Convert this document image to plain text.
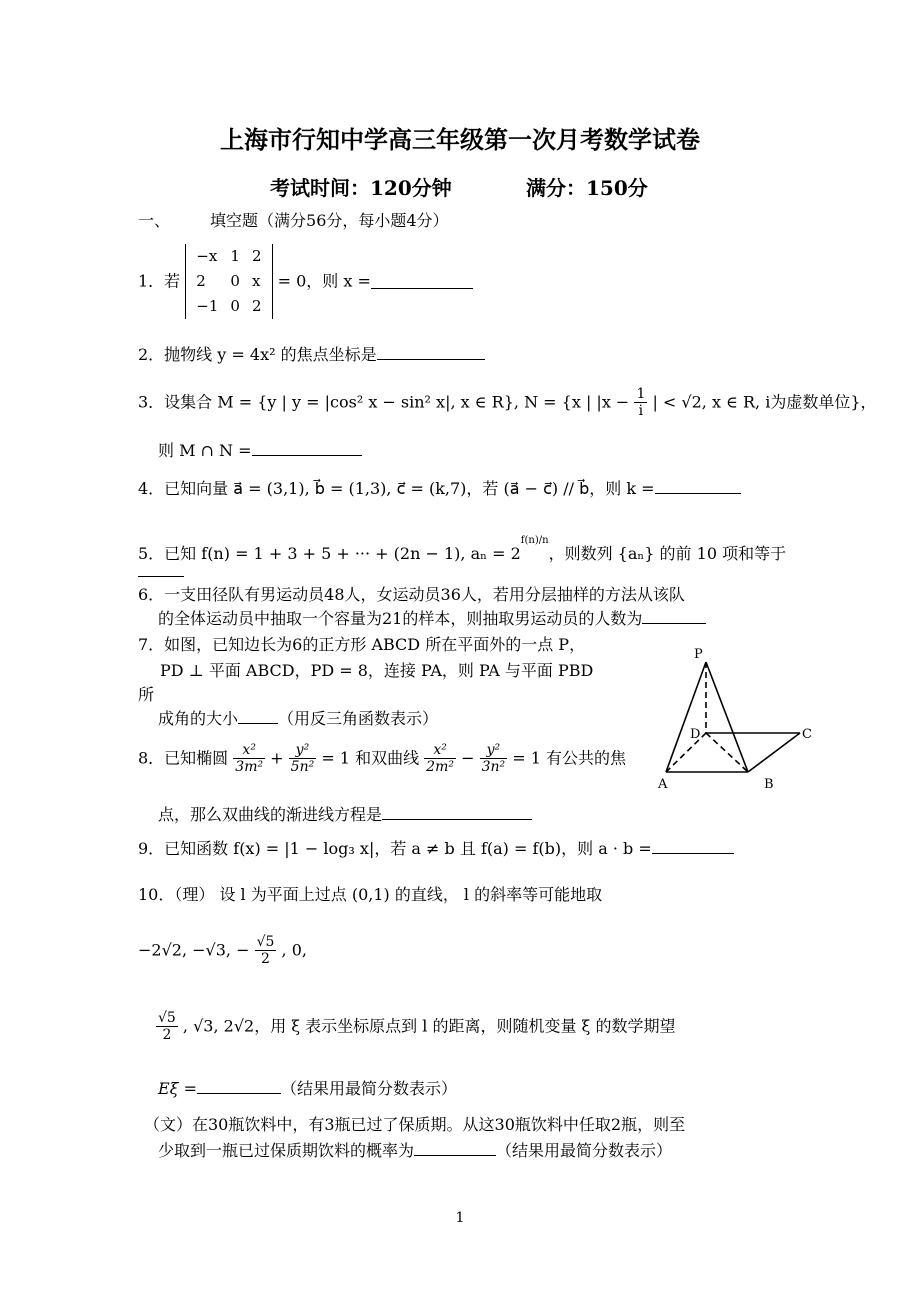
上海市行知中学高三年级第一次月考数学试卷
考试时间：120分钟	满分：150分
一、	填空题（满分56分，每小题4分）
1．若
−x	1	2
2	0	x
−1	0	2
= 0，则 x =
2．抛物线 y = 4x² 的焦点坐标是
3．设集合 M = {y | y = |cos² x − sin² x|, x ∈ R}, N = {x | $|x - \frac{1}{i}$ | < √2, x ∈ R, i为虚数单位}，
则 M ∩ N =
4．已知向量 a⃗ = (3,1), b⃗ = (1,3), c⃗ = (k,7)，若 (a⃗ − c⃗) // b⃗，则 k =
5．已知 f(n) = 1 + 3 + 5 + ··· + (2n − 1), $a_n = 2^{f(n)/n}$，则数列 {aₙ} 的前 10 项和等于
6．一支田径队有男运动员48人，女运动员36人，若用分层抽样的方法从该队
的全体运动员中抽取一个容量为21的样本，则抽取男运动员的人数为
7．如图，已知边长为6的正方形 ABCD 所在平面外的一点 P，
PD ⊥ 平面 ABCD，PD = 8，连接 PA，则 PA 与平面 PBD
所
成角的大小	（用反三角函数表示）
P
D	C
A	B
8．已知椭圆 $\frac{\text{x²}}{\text{3m²}} + \frac{\text{y²}}{\text{5n²}} = 1$ 和双曲线 $\frac{\text{x²}}{\text{2m²}} - \frac{\text{y²}}{\text{3n²}} = 1$ 有公共的焦
点，那么双曲线的渐进线方程是
9．已知函数 f(x) = |1 − log₃ x|，若 a ≠ b 且 f(a) = f(b)，则 a · b =
10．（理） 设 l 为平面上过点 (0,1) 的直线， l 的斜率等可能地取
−2√2, −√3, − $\frac{√5}{2}$ , 0,
$\frac{√5}{2}$ , √3, 2√2，用 ξ 表示坐标原点到 l 的距离，则随机变量 ξ 的数学期望
Eξ =	（结果用最简分数表示）
（文）在30瓶饮料中，有3瓶已过了保质期。从这30瓶饮料中任取2瓶，则至
少取到一瓶已过保质期饮料的概率为	（结果用最简分数表示）
1
